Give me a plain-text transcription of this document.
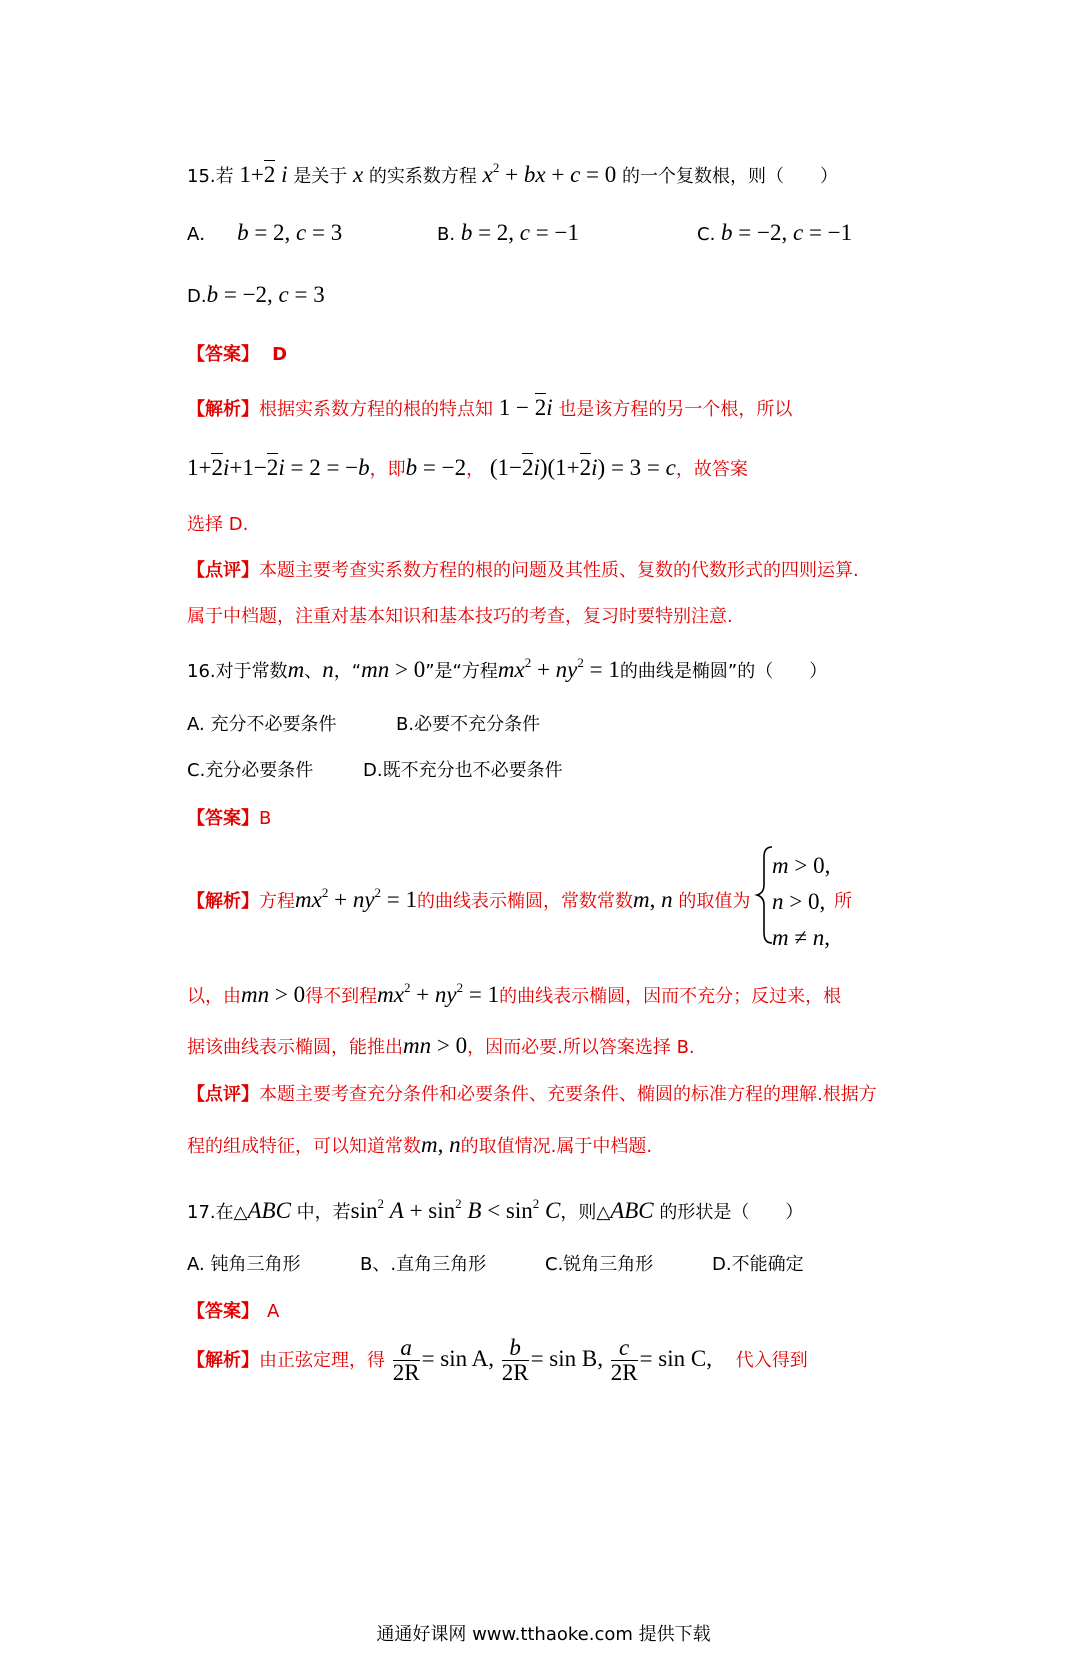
15.若 1+2 i 是关于 x 的实系数方程 $x^2$ + bx + c = 0 的一个复数根，则（　　）
A． b = 2, c = 3	B. b = 2, c = −1	C. b = −2, c = −1
D.b = −2, c = 3
【答案】 D
【解析】根据实系数方程的根的特点知 1 − 2i 也是该方程的另一个根，所以
1+2i+1−2i = 2 = −b，即b = −2， (1−2i)(1+2i) = 3 = c，故答案
选择 D.
【点评】本题主要考查实系数方程的根的问题及其性质、复数的代数形式的四则运算.
属于中档题，注重对基本知识和基本技巧的考查，复习时要特别注意.
16.对于常数m、n，“mn > 0”是“方程$mx^2 + ny^2 = 1$的曲线是椭圆”的（　　）
A. 充分不必要条件	B.必要不充分条件
C.充分必要条件	D.既不充分也不必要条件
【答案】B
【解析】方程$mx^2 + ny^2 = 1$的曲线表示椭圆，常数常数m, n 的取值为
m > 0,
n > 0,
m ≠ n,
所
以，由mn > 0得不到程$mx^2 + ny^2 = 1$的曲线表示椭圆，因而不充分；反过来，根
据该曲线表示椭圆，能推出mn > 0，因而必要.所以答案选择 B.
【点评】本题主要考查充分条件和必要条件、充要条件、椭圆的标准方程的理解.根据方
程的组成特征，可以知道常数m, n的取值情况.属于中档题.
17.在△ABC 中，若$\sin^2 A + \sin^2 B < \sin^2 C$，则△ABC 的形状是（　　）
A. 钝角三角形	B、.直角三角形	C.锐角三角形	D.不能确定
【答案】 A
【解析】由正弦定理，得 $\frac{a}{2R} = \sin A$, $\frac{b}{2R} = \sin B$, $\frac{c}{2R} = \sin C$, 代入得到
通通好课网 www.tthaoke.com 提供下载
